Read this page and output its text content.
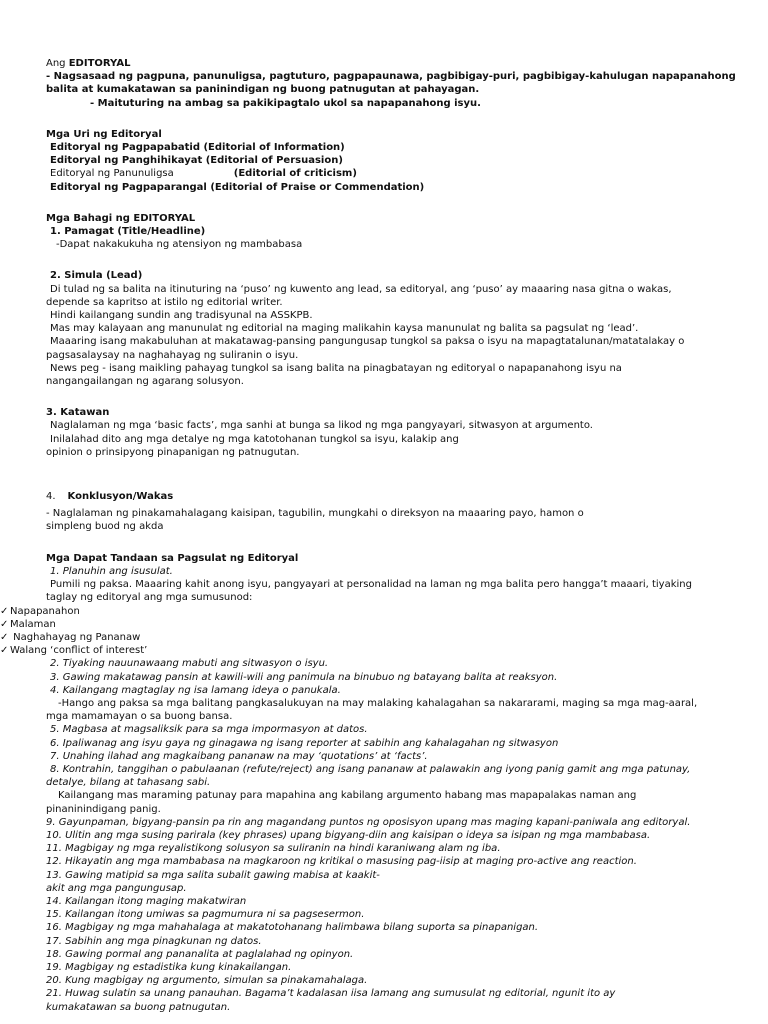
Ang EDITORYAL
- Nagsasaad ng pagpuna, panunuligsa, pagtuturo, pagpapaunawa, pagbibigay-puri, pagbibigay-kahulugan napapanahong
balita at kumakatawan sa paninindigan ng buong patnugutan at pahayagan.
- Maituturing na ambag sa pakikipagtalo ukol sa napapanahong isyu.
Mga Uri ng Editoryal
Editoryal ng Pagpapabatid (Editorial of Information)
Editoryal ng Panghihikayat (Editorial of Persuasion)
Editoryal ng Panunuligsa	(Editorial of criticism)
Editoryal ng Pagpaparangal (Editorial of Praise or Commendation)
Mga Bahagi ng EDITORYAL
1. Pamagat (Title/Headline)
-Dapat nakakukuha ng atensiyon ng mambabasa
2. Simula (Lead)
Di tulad ng sa balita na itinuturing na ‘puso’ ng kuwento ang lead, sa editoryal, ang ‘puso’ ay maaaring nasa gitna o wakas,
depende sa kapritso at istilo ng editorial writer.
Hindi kailangang sundin ang tradisyunal na ASSKPB.
Mas may kalayaan ang manunulat ng editorial na maging malikahin kaysa manunulat ng balita sa pagsulat ng ‘lead’.
Maaaring isang makabuluhan at makatawag-pansing pangungusap tungkol sa paksa o isyu na mapagtatalunan/matatalakay o
pagsasalaysay na naghahayag ng suliranin o isyu.
News peg - isang maikling pahayag tungkol sa isang balita na pinagbatayan ng editoryal o napapanahong isyu na
nangangailangan ng agarang solusyon.
3. Katawan
Naglalaman ng mga ‘basic facts’, mga sanhi at bunga sa likod ng mga pangyayari, sitwasyon at argumento.
Inilalahad dito ang mga detalye ng mga katotohanan tungkol sa isyu, kalakip ang
opinion o prinsipyong pinapanigan ng patnugutan.
4. Konklusyon/Wakas
- Naglalaman ng pinakamahalagang kaisipan, tagubilin, mungkahi o direksyon na maaaring payo, hamon o
simpleng buod ng akda
Mga Dapat Tandaan sa Pagsulat ng Editoryal
1. Planuhin ang isusulat.
Pumili ng paksa. Maaaring kahit anong isyu, pangyayari at personalidad na laman ng mga balita pero hangga’t maaari, tiyaking
taglay ng editoryal ang mga sumusunod:
✓ Napapanahon
✓ Malaman
✓ Naghahayag ng Pananaw
✓ Walang ‘conflict of interest’
2. Tiyaking nauunawaang mabuti ang sitwasyon o isyu.
3. Gawing makatawag pansin at kawili-wili ang panimula na binubuo ng batayang balita at reaksyon.
4. Kailangang magtaglay ng isa lamang ideya o panukala.
-Hango ang paksa sa mga balitang pangkasalukuyan na may malaking kahalagahan sa nakararami, maging sa mga mag-aaral,
mga mamamayan o sa buong bansa.
5. Magbasa at magsaliksik para sa mga impormasyon at datos.
6. Ipaliwanag ang isyu gaya ng ginagawa ng isang reporter at sabihin ang kahalagahan ng sitwasyon
7. Unahing ilahad ang magkaibang pananaw na may ‘quotations’ at ‘facts’.
8. Kontrahin, tanggihan o pabulaanan (refute/reject) ang isang pananaw at palawakin ang iyong panig gamit ang mga patunay,
detalye, bilang at tahasang sabi.
Kailangang mas maraming patunay para mapahina ang kabilang argumento habang mas mapapalakas naman ang
pinaninindigang panig.
9. Gayunpaman, bigyang-pansin pa rin ang magandang puntos ng oposisyon upang mas maging kapani-paniwala ang editoryal.
10. Ulitin ang mga susing parirala (key phrases) upang bigyang-diin ang kaisipan o ideya sa isipan ng mga mambabasa.
11. Magbigay ng mga reyalistikong solusyon sa suliranin na hindi karaniwang alam ng iba.
12. Hikayatin ang mga mambabasa na magkaroon ng kritikal o masusing pag-iisip at maging pro-active ang reaction.
13. Gawing matipid sa mga salita subalit gawing mabisa at kaakit-
akit ang mga pangungusap.
14. Kailangan itong maging makatwiran
15. Kailangan itong umiwas sa pagmumura ni sa pagsesermon.
16. Magbigay ng mga mahahalaga at makatotohanang halimbawa bilang suporta sa pinapanigan.
17. Sabihin ang mga pinagkunan ng datos.
18. Gawing pormal ang pananalita at paglalahad ng opinyon.
19. Magbigay ng estadistika kung kinakailangan.
20. Kung magbigay ng argumento, simulan sa pinakamahalaga.
21. Huwag sulatin sa unang panauhan. Bagama’t kadalasan iisa lamang ang sumusulat ng editorial, ngunit ito ay
kumakatawan sa buong patnugutan.
